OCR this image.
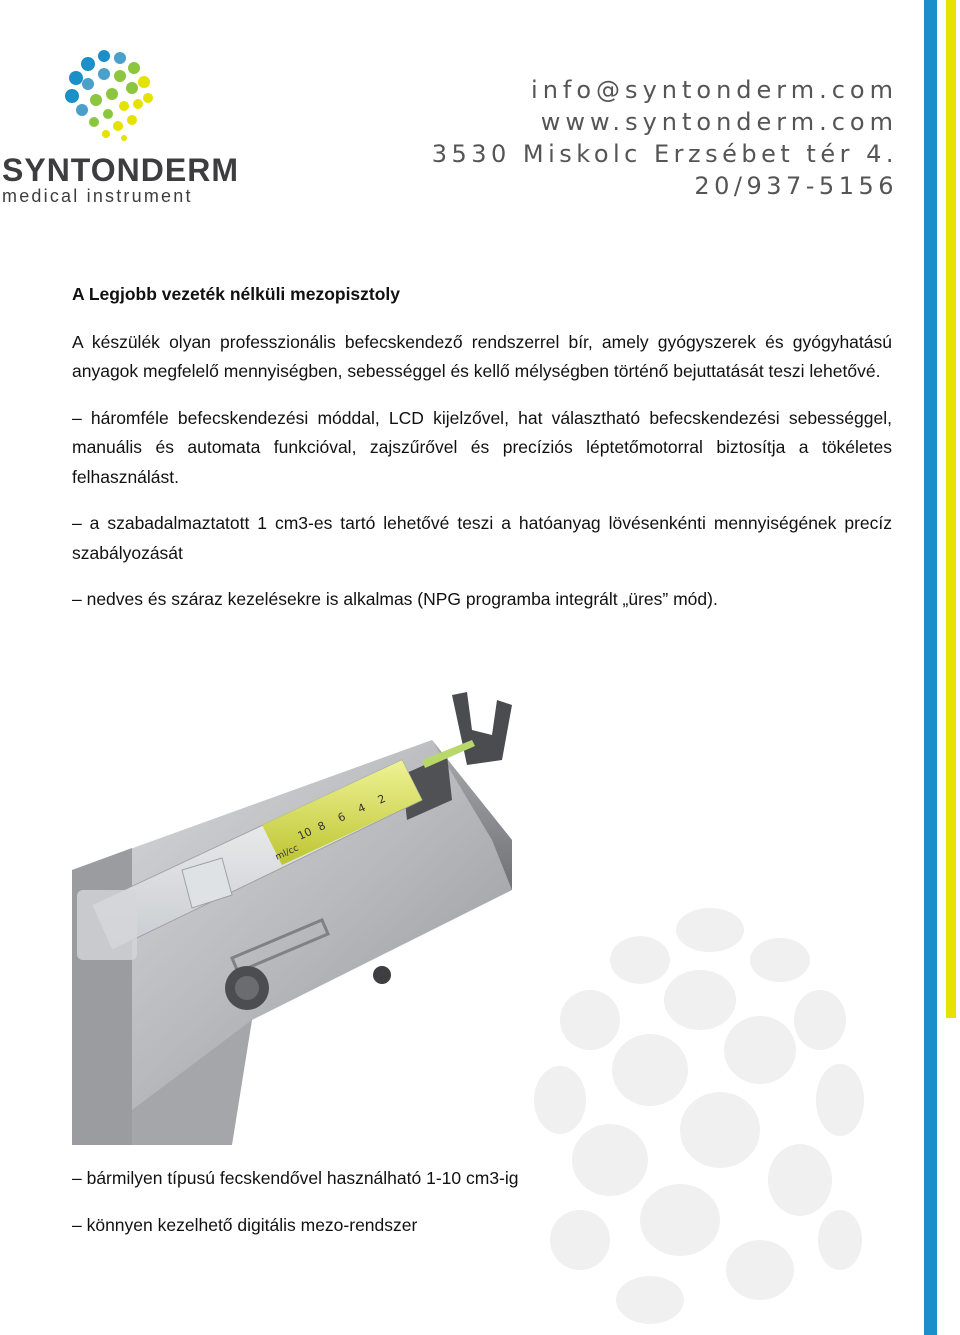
SYNTONDERM
medical instrument
info@syntonderm.com
www.syntonderm.com
3530 Miskolc Erzsébet tér 4.
20/937-5156

A Legjobb vezeték nélküli mezopisztoly

A készülék olyan professzionális befecskendező rendszerrel bír, amely gyógyszerek és gyógyhatású anyagok megfelelő mennyiségben, sebességgel és kellő mélységben történő bejuttatását teszi lehetővé.

– háromféle befecskendezési móddal, LCD kijelzővel, hat választható befecskendezési sebességgel, manuális és automata funkcióval, zajszűrővel és precíziós léptetőmotorral biztosítja a tökéletes felhasználást.

– a szabadalmaztatott 1 cm3-es tartó lehetővé teszi a hatóanyag lövésenkénti mennyiségének precíz szabályozását

– nedves és száraz kezelésekre is alkalmas (NPG programba integrált „üres” mód).

10 8
6
4
2
ml/cc

– bármilyen típusú fecskendővel használható 1-10 cm3-ig

– könnyen kezelhető digitális mezo-rendszer
